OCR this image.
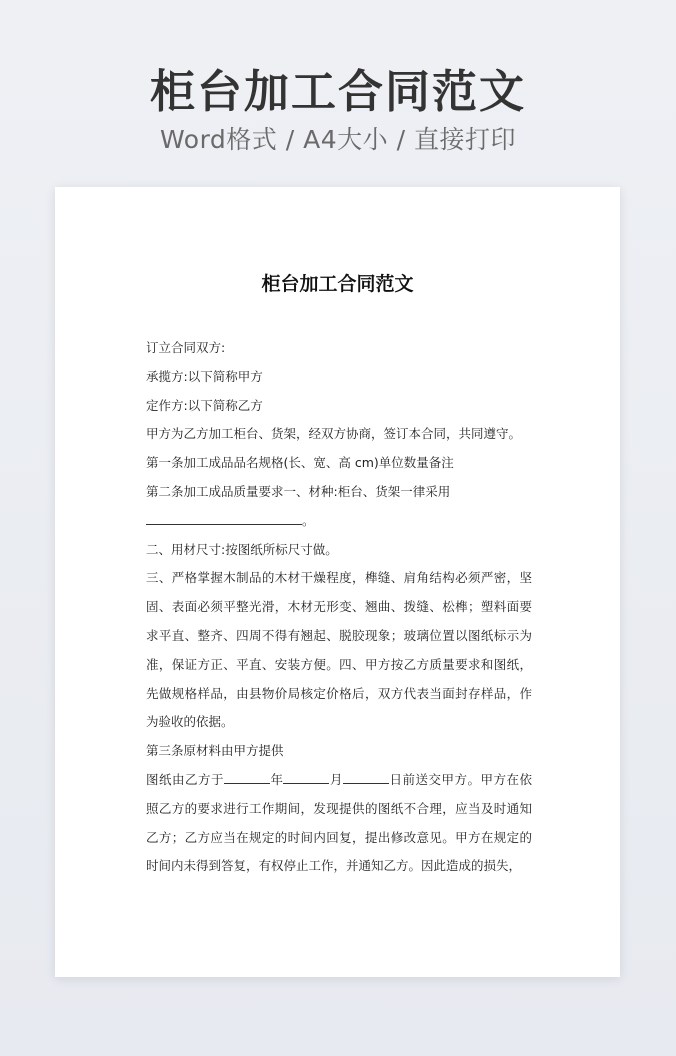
柜台加工合同范文
Word格式 / A4大小 / 直接打印
柜台加工合同范文

订立合同双方:

承揽方:以下简称甲方

定作方:以下简称乙方

甲方为乙方加工柜台、货架，经双方协商，签订本合同，共同遵守。

第一条加工成品品名规格(长、宽、高 cm)单位数量备注

第二条加工成品质量要求一、材种:柜台、货架一律采用

。

二、用材尺寸:按图纸所标尺寸做。

三、严格掌握木制品的木材干燥程度，榫缝、肩角结构必须严密，坚固、表面必须平整光滑，木材无形变、翘曲、拨缝、松榫；塑料面要求平直、整齐、四周不得有翘起、脱胶现象；玻璃位置以图纸标示为准，保证方正、平直、安装方便。四、甲方按乙方质量要求和图纸，先做规格样品，由县物价局核定价格后，双方代表当面封存样品，作为验收的依据。

第三条原材料由甲方提供

图纸由乙方于	年	月	日前送交甲方。甲方在依照乙方的要求进行工作期间，发现提供的图纸不合理，应当及时通知乙方；乙方应当在规定的时间内回复，提出修改意见。甲方在规定的时间内未得到答复，有权停止工作，并通知乙方。因此造成的损失，
